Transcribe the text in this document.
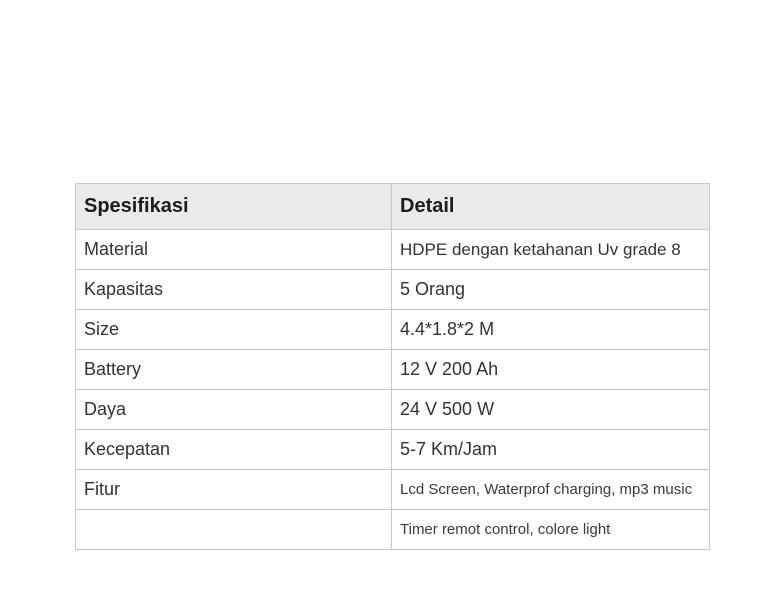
Spesifikasi	Detail
Material	HDPE dengan ketahanan Uv grade 8
Kapasitas	5 Orang
Size	4.4*1.8*2 M
Battery	12 V 200 Ah
Daya	24 V 500 W
Kecepatan	5-7 Km/Jam
Fitur	Lcd Screen, Waterprof charging, mp3 music
	Timer remot control, colore light
